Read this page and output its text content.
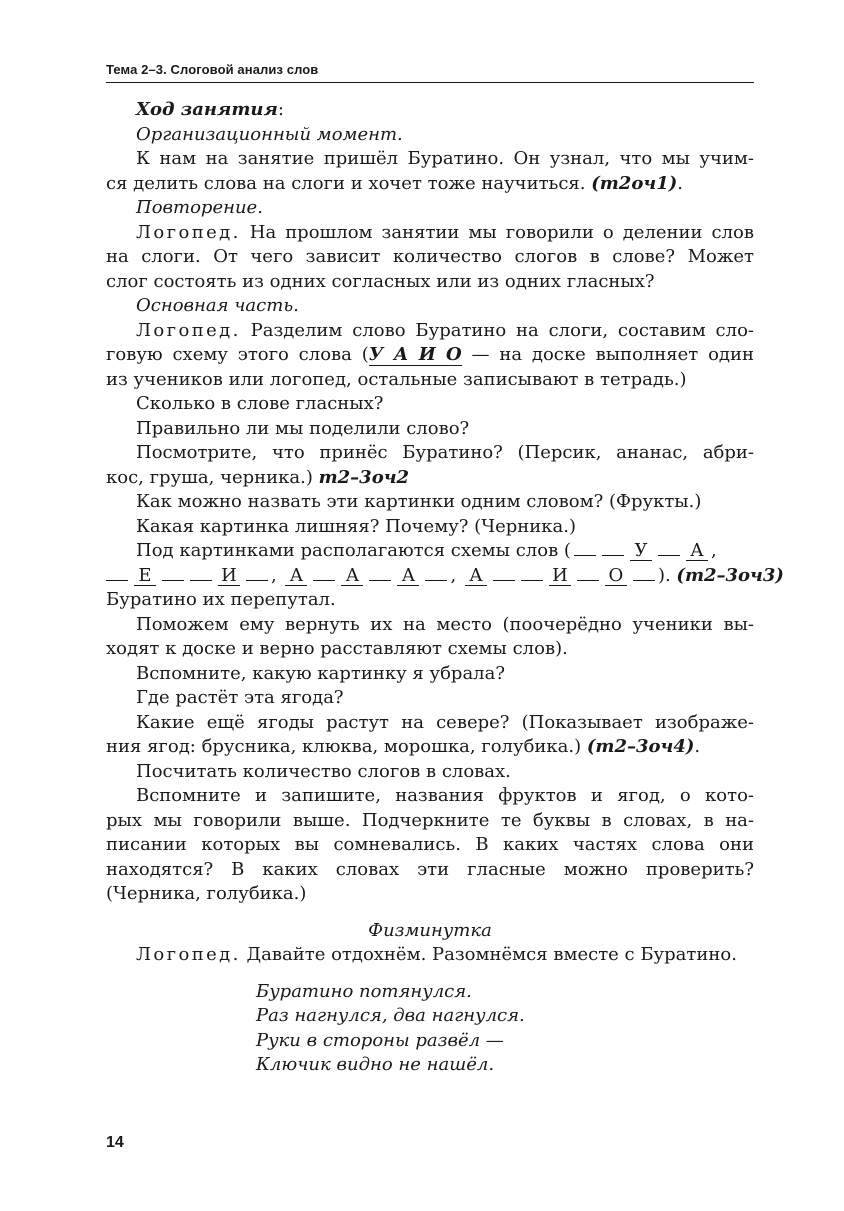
Тема 2–3. Слоговой анализ слов
Ход занятия:
Организационный момент.
К нам на занятие пришёл Буратино. Он узнал, что мы учим-
ся делить слова на слоги и хочет тоже научиться. (т2оч1).
Повторение.
Логопед. На прошлом занятии мы говорили о делении слов
на слоги. От чего зависит количество слогов в слове? Может
слог состоять из одних согласных или из одних гласных?
Основная часть.
Логопед. Разделим слово Буратино на слоги, составим сло-
говую схему этого слова (У А И О — на доске выполняет один
из учеников или логопед, остальные записывают в тетрадь.)
Сколько в слове гласных?
Правильно ли мы поделили слово?
Посмотрите, что принёс Буратино? (Персик, ананас, абри-
кос, груша, черника.) т2–3оч2
Как можно назвать эти картинки одним словом? (Фрукты.)
Какая картинка лишняя? Почему? (Черника.)
Под картинками располагаются схемы слов (	У А ,
Е	И , А А А , А	И О ). (т2–3оч3)
Буратино их перепутал.
Поможем ему вернуть их на место (поочерёдно ученики вы-
ходят к доске и верно расставляют схемы слов).
Вспомните, какую картинку я убрала?
Где растёт эта ягода?
Какие ещё ягоды растут на севере? (Показывает изображе-
ния ягод: брусника, клюква, морошка, голубика.) (т2–3оч4).
Посчитать количество слогов в словах.
Вспомните и запишите, названия фруктов и ягод, о кото-
рых мы говорили выше. Подчеркните те буквы в словах, в на-
писании которых вы сомневались. В каких частях слова они
находятся? В каких словах эти гласные можно проверить?
(Черника, голубика.)
Физминутка
Логопед. Давайте отдохнём. Разомнёмся вместе с Буратино.
Буратино потянулся.
Раз нагнулся, два нагнулся.
Руки в стороны развёл —
Ключик видно не нашёл.
14
